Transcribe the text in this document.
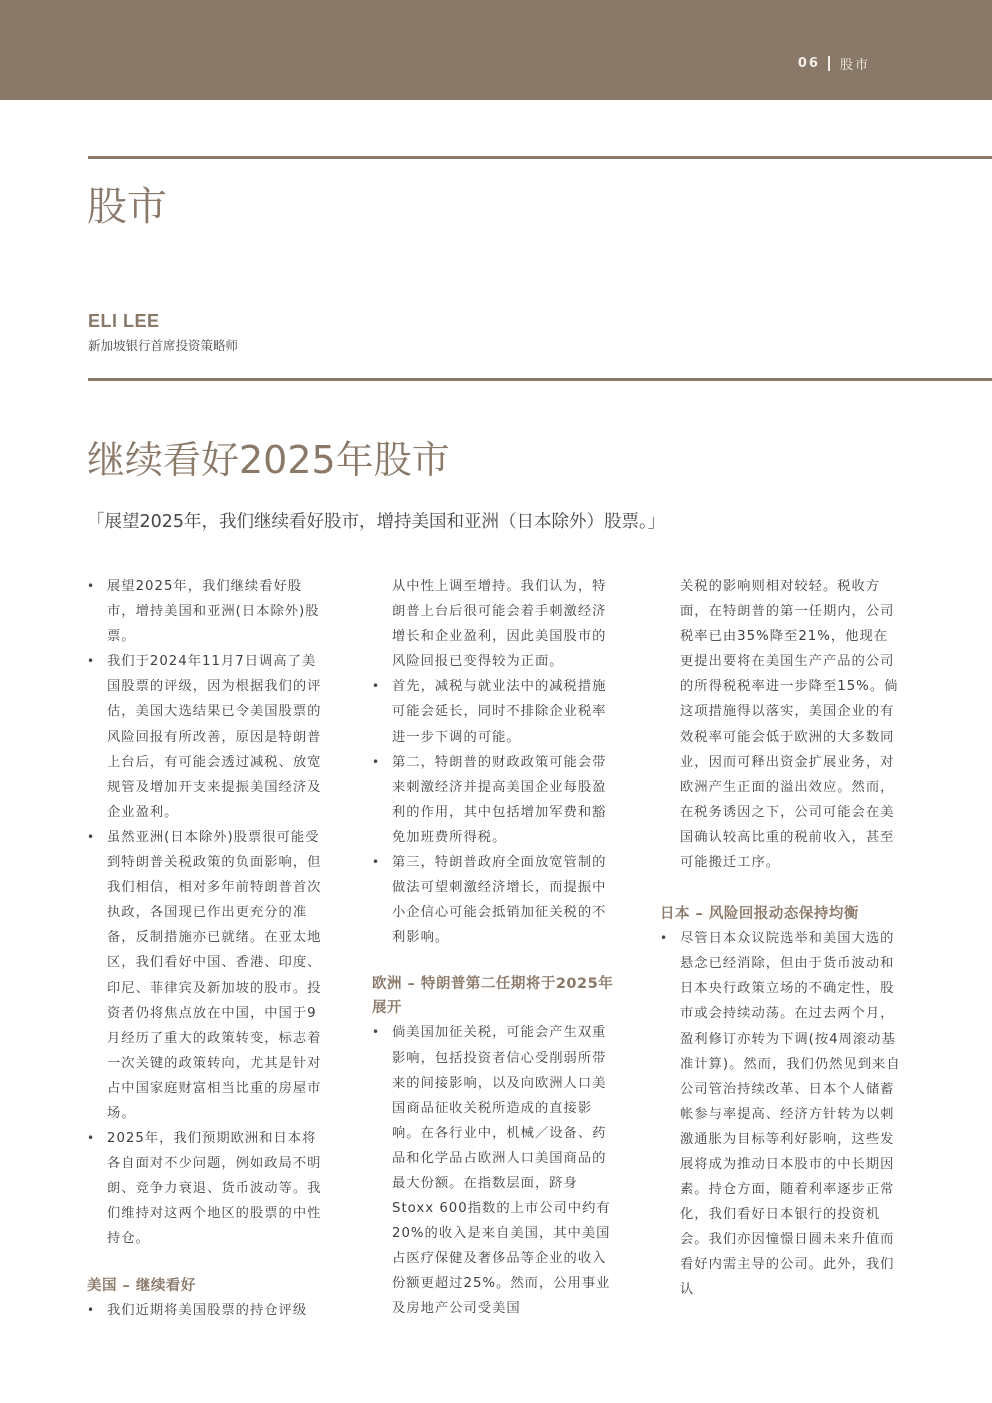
06 股市
股市
ELI LEE
新加坡银行首席投资策略师
继续看好2025年股市
「展望2025年，我们继续看好股市，增持美国和亚洲（日本除外）股票。」
• 展望2025年，我们继续看好股市，增持美国和亚洲(日本除外)股票。
• 我们于2024年11月7日调高了美国股票的评级，因为根据我们的评估，美国大选结果已令美国股票的风险回报有所改善，原因是特朗普上台后，有可能会透过减税、放宽规管及增加开支来提振美国经济及企业盈利。
• 虽然亚洲(日本除外)股票很可能受到特朗普关税政策的负面影响，但我们相信，相对多年前特朗普首次执政，各国现已作出更充分的准备，反制措施亦已就绪。在亚太地区，我们看好中国、香港、印度、印尼、菲律宾及新加坡的股市。投资者仍将焦点放在中国，中国于9月经历了重大的政策转变，标志着一次关键的政策转向，尤其是针对占中国家庭财富相当比重的房屋市场。
• 2025年，我们预期欧洲和日本将各自面对不少问题，例如政局不明朗、竞争力衰退、货币波动等。我们维持对这两个地区的股票的中性持仓。
美国 – 继续看好
• 我们近期将美国股票的持仓评级

从中性上调至增持。我们认为，特朗普上台后很可能会着手刺激经济增长和企业盈利，因此美国股市的风险回报已变得较为正面。

• 首先，减税与就业法中的减税措施可能会延长，同时不排除企业税率进一步下调的可能。
• 第二，特朗普的财政政策可能会带来刺激经济并提高美国企业每股盈利的作用，其中包括增加军费和豁免加班费所得税。
• 第三，特朗普政府全面放宽管制的做法可望刺激经济增长，而提振中小企信心可能会抵销加征关税的不利影响。
欧洲 – 特朗普第二任期将于2025年展开
• 倘美国加征关税，可能会产生双重影响，包括投资者信心受削弱所带来的间接影响，以及向欧洲人口美国商品征收关税所造成的直接影响。在各行业中，机械／设备、药品和化学品占欧洲人口美国商品的最大份额。在指数层面，跻身Stoxx 600指数的上市公司中约有20%的收入是来自美国，其中美国占医疗保健及奢侈品等企业的收入份额更超过25%。然而，公用事业及房地产公司受美国

关税的影响则相对较轻。税收方面，在特朗普的第一任期内，公司税率已由35%降至21%，他现在更提出要将在美国生产产品的公司的所得税税率进一步降至15%。倘这项措施得以落实，美国企业的有效税率可能会低于欧洲的大多数同业，因而可释出资金扩展业务，对欧洲产生正面的溢出效应。然而，在税务诱因之下，公司可能会在美国确认较高比重的税前收入，甚至可能搬迁工序。

日本 – 风险回报动态保持均衡
• 尽管日本众议院选举和美国大选的悬念已经消除，但由于货币波动和日本央行政策立场的不确定性，股市或会持续动荡。在过去两个月，盈利修订亦转为下调(按4周滚动基准计算)。然而，我们仍然见到来自公司管治持续改革、日本个人储蓄帐参与率提高、经济方针转为以刺激通胀为目标等利好影响，这些发展将成为推动日本股市的中长期因素。持仓方面，随着利率逐步正常化，我们看好日本银行的投资机会。我们亦因憧憬日圆未来升值而看好内需主导的公司。此外，我们认
